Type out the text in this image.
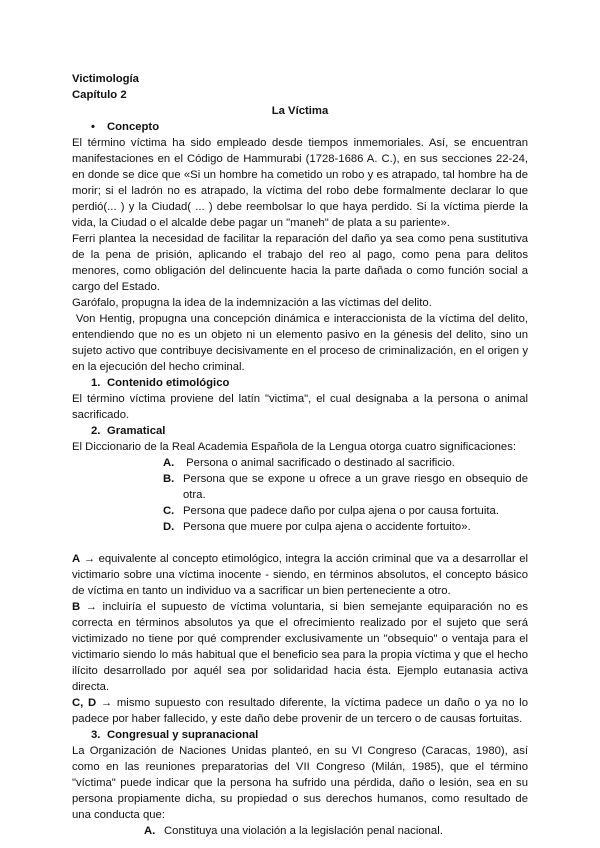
Victimología

Capítulo 2

La Víctima

• Concepto

El término víctima ha sido empleado desde tiempos inmemoriales. Así, se encuentran manifestaciones en el Código de Hammurabi (1728-1686 A. C.), en sus secciones 22-24, en donde se dice que «Si un hombre ha cometido un robo y es atrapado, tal hombre ha de morir; si el ladrón no es atrapado, la víctima del robo debe formalmente declarar lo que perdió(... ) y la Ciudad( ... ) debe reembolsar lo que haya perdido. Si la víctima pierde la vida, la Ciudad o el alcalde debe pagar un "maneh" de plata a su pariente».

Ferri plantea la necesidad de facilitar la reparación del daño ya sea como pena sustitutiva de la pena de prisión, aplicando el trabajo del reo al pago, como pena para delitos menores, como obligación del delincuente hacia la parte dañada o como función social a cargo del Estado.

Garófalo, propugna la idea de la indemnización a las víctimas del delito.

Von Hentig, propugna una concepción dinámica e interaccionista de la víctima del delito, entendiendo que no es un objeto ni un elemento pasivo en la génesis del delito, sino un sujeto activo que contribuye decisivamente en el proceso de criminalización, en el origen y en la ejecución del hecho criminal.

1. Contenido etimológico

El término víctima proviene del latín "victima", el cual designaba a la persona o animal sacrificado.

2. Gramatical

El Diccionario de la Real Academia Española de la Lengua otorga cuatro significaciones:

A. Persona o animal sacrificado o destinado al sacrificio.
B. Persona que se expone u ofrece a un grave riesgo en obsequio de otra.
C. Persona que padece daño por culpa ajena o por causa fortuita.
D. Persona que muere por culpa ajena o accidente fortuito».

A → equivalente al concepto etimológico, integra la acción criminal que va a desarrollar el victimario sobre una víctima inocente - siendo, en términos absolutos, el concepto básico de víctima en tanto un individuo va a sacrificar un bien perteneciente a otro.

B → incluiría el supuesto de víctima voluntaria, si bien semejante equiparación no es correcta en términos absolutos ya que el ofrecimiento realizado por el sujeto que será victimizado no tiene por qué comprender exclusivamente un "obsequio" o ventaja para el victimario siendo lo más habitual que el beneficio sea para la propia víctima y que el hecho ilícito desarrollado por aquél sea por solidaridad hacia ésta. Ejemplo eutanasia activa directa.

C, D → mismo supuesto con resultado diferente, la víctima padece un daño o ya no lo padece por haber fallecido, y este daño debe provenir de un tercero o de causas fortuitas.

3. Congresual y supranacional

La Organización de Naciones Unidas planteó, en su VI Congreso (Caracas, 1980), así como en las reuniones preparatorias del VII Congreso (Milán, 1985), que el término "víctima" puede indicar que la persona ha sufrido una pérdida, daño o lesión, sea en su persona propiamente dicha, su propiedad o sus derechos humanos, como resultado de una conducta que:

A. Constituya una violación a la legislación penal nacional.
